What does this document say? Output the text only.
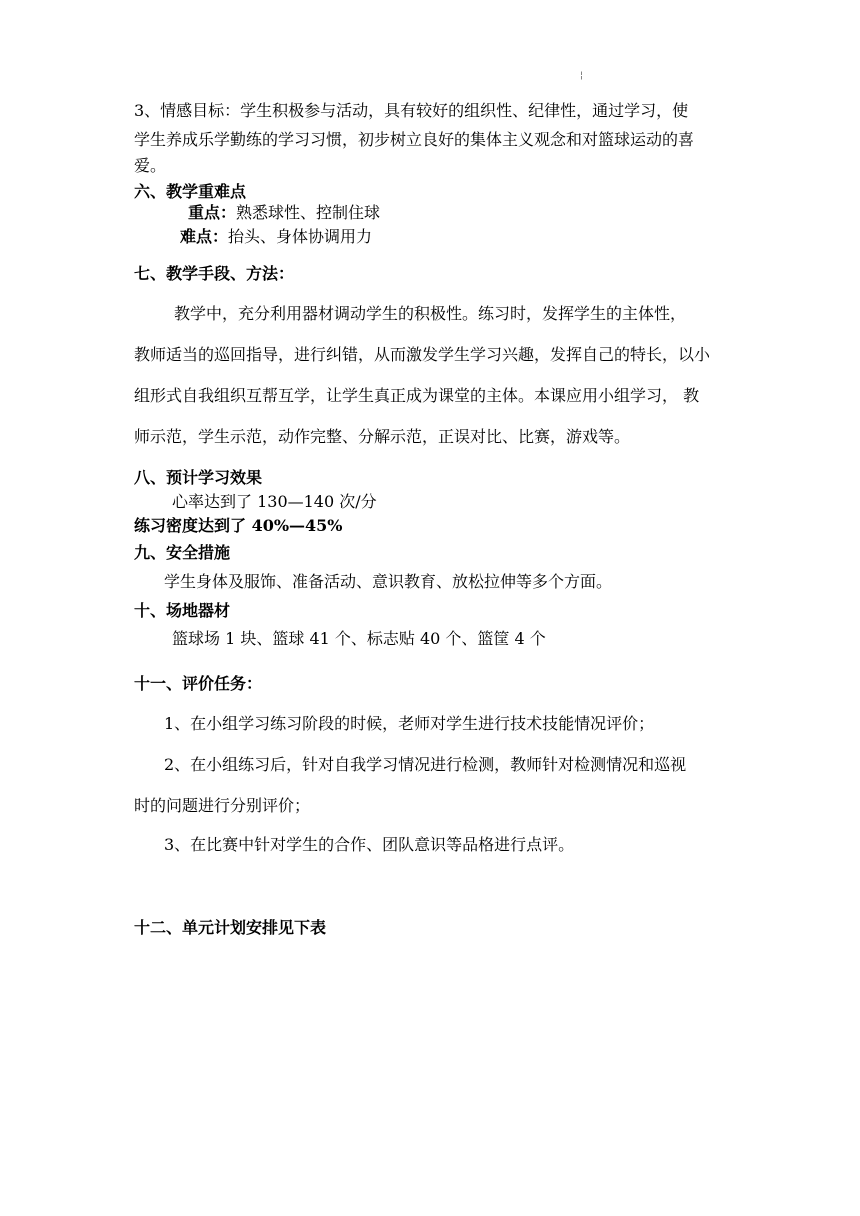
¦
3、情感目标：学生积极参与活动，具有较好的组织性、纪律性，通过学习，使
学生养成乐学勤练的学习习惯，初步树立良好的集体主义观念和对篮球运动的喜
爱。
六、教学重难点
重点：熟悉球性、控制住球
难点：抬头、身体协调用力
七、教学手段、方法：
教学中，充分利用器材调动学生的积极性。练习时，发挥学生的主体性，
教师适当的巡回指导，进行纠错，从而激发学生学习兴趣，发挥自己的特长，以小
组形式自我组织互帮互学，让学生真正成为课堂的主体。本课应用小组学习， 教
师示范，学生示范，动作完整、分解示范，正误对比、比赛，游戏等。
八、预计学习效果
心率达到了 130—140 次/分
练习密度达到了 40%—45%
九、安全措施
学生身体及服饰、准备活动、意识教育、放松拉伸等多个方面。
十、场地器材
篮球场 1 块、篮球 41 个、标志贴 40 个、篮筐 4 个
十一、评价任务：
1、在小组学习练习阶段的时候，老师对学生进行技术技能情况评价；
2、在小组练习后，针对自我学习情况进行检测，教师针对检测情况和巡视
时的问题进行分别评价；
3、在比赛中针对学生的合作、团队意识等品格进行点评。
十二、单元计划安排见下表
